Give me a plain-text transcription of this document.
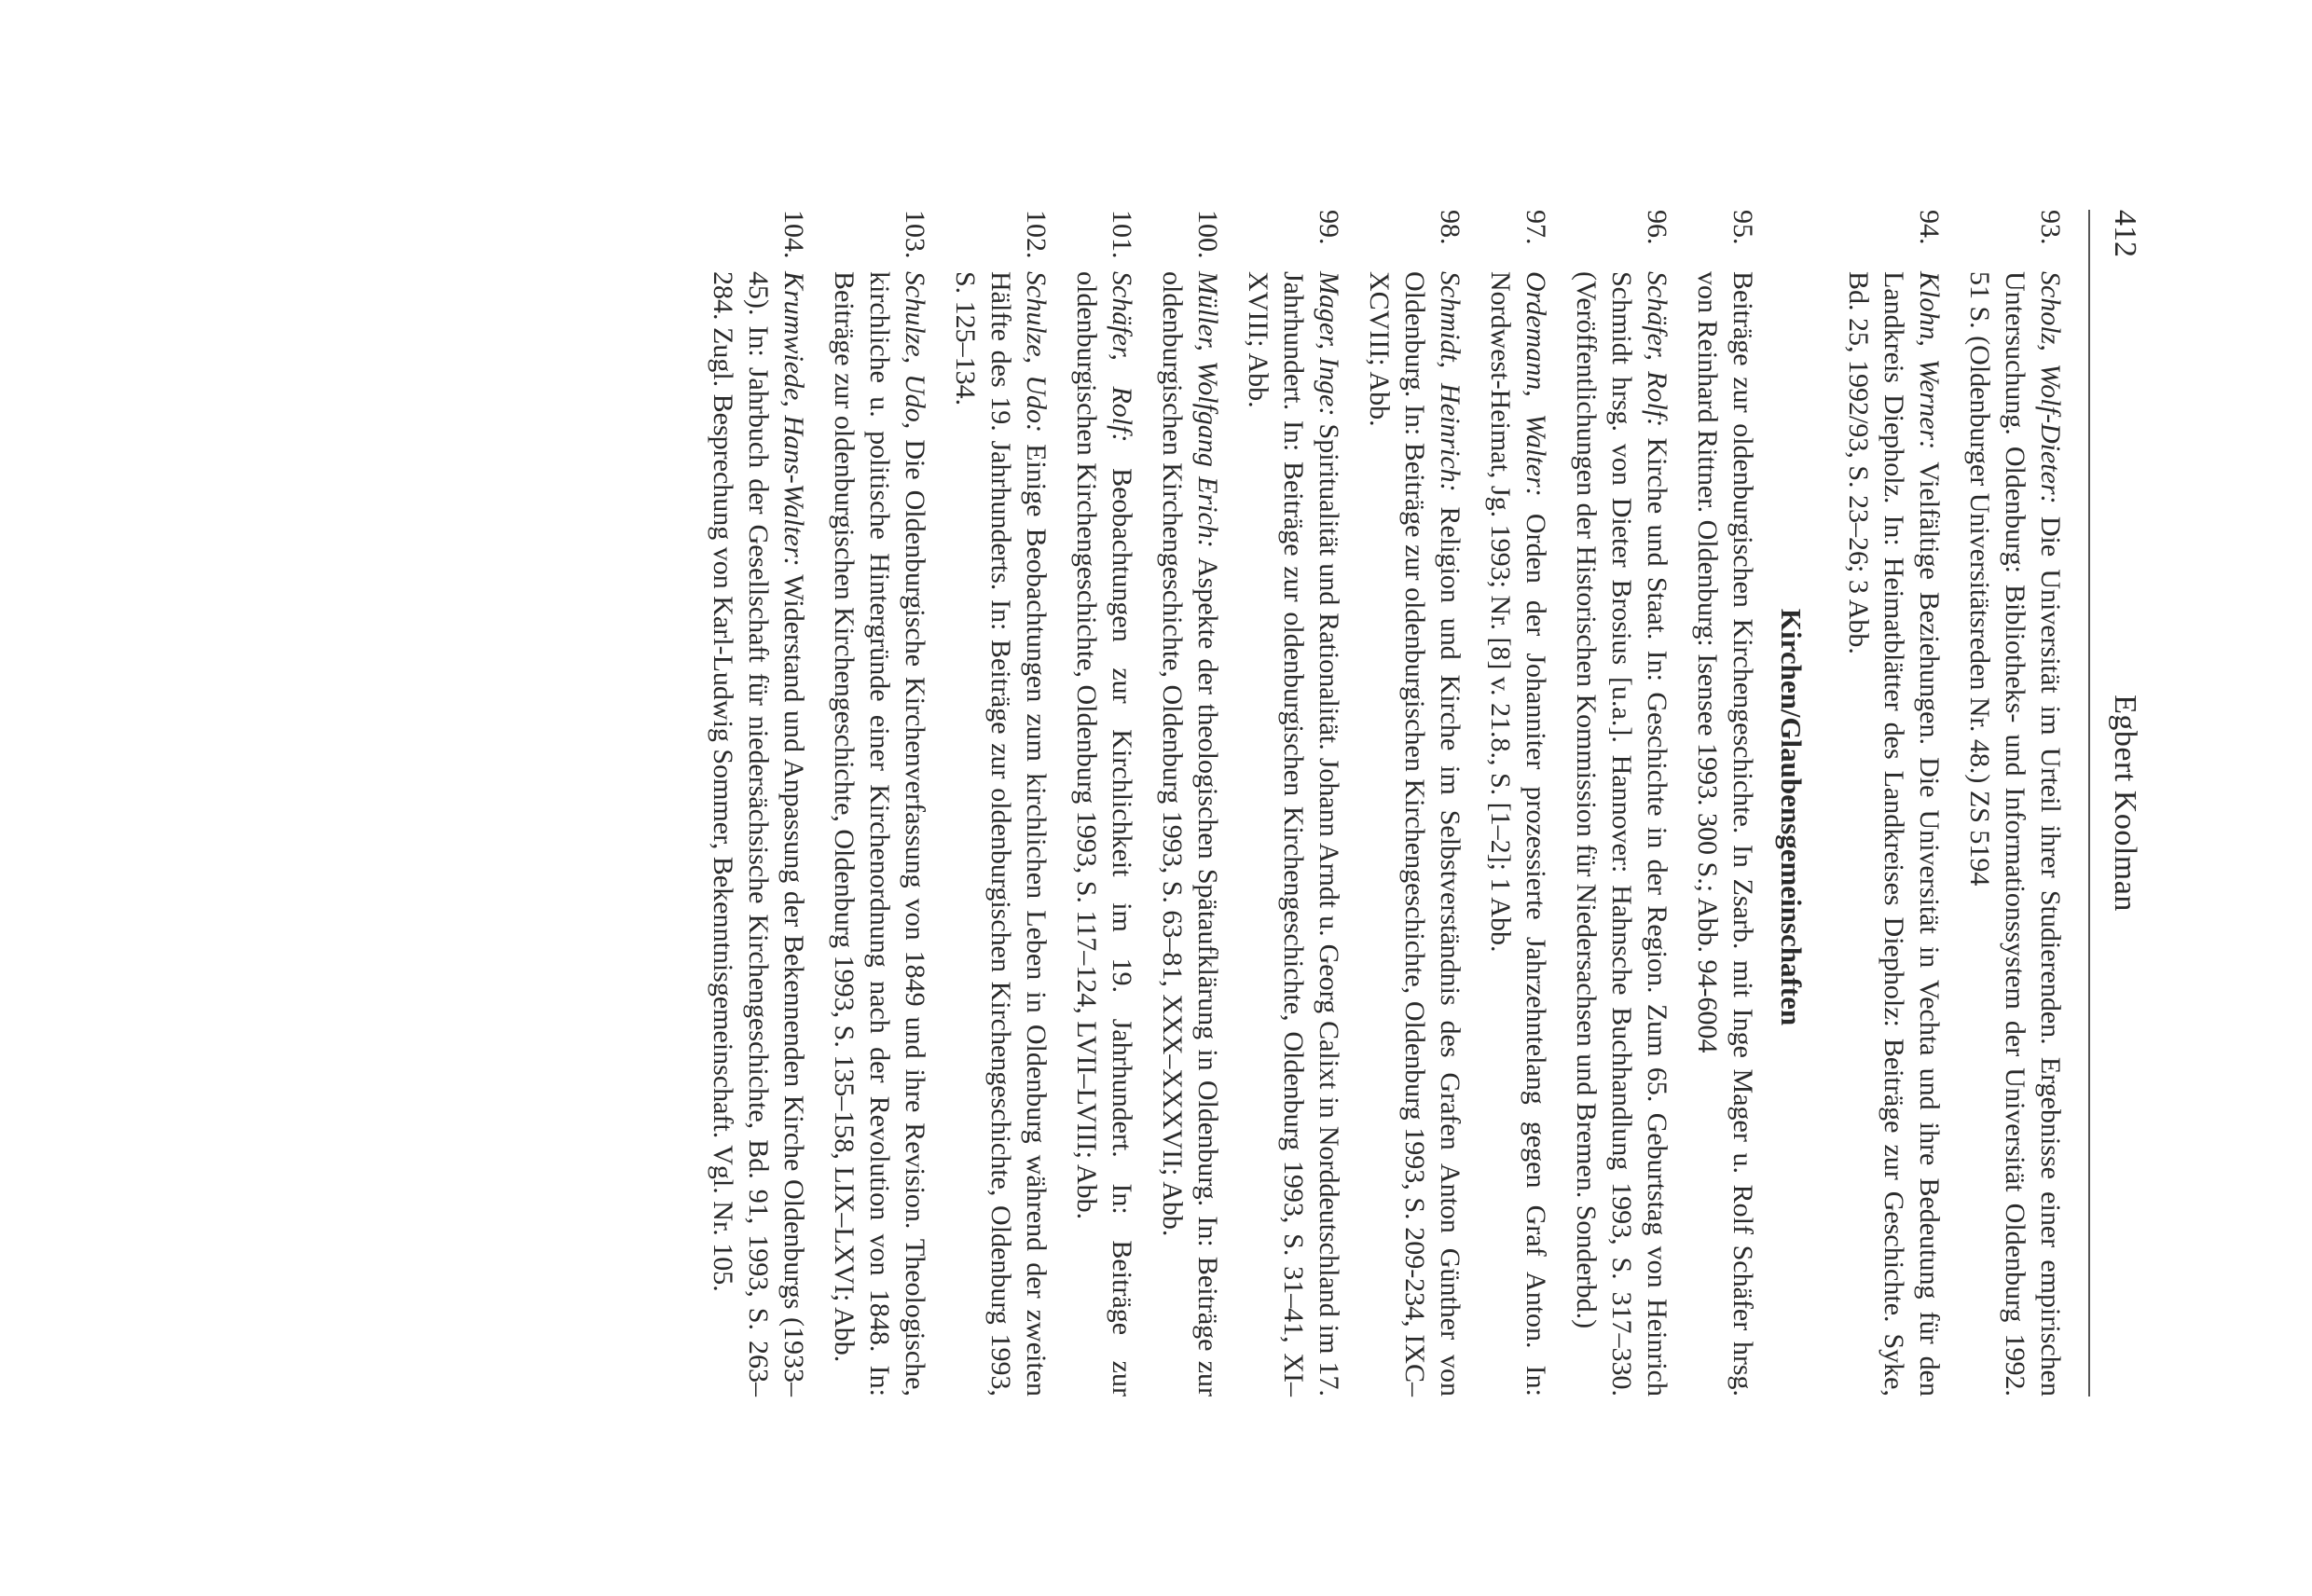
412
Egbert Koolman
93.
Scholz, Wolf-Dieter: Die Universität im Urteil ihrer Studierenden. Ergebnisse einer empirischen Untersuchung. Oldenburg: Bibliotheks- und Informationssystem der Universität Oldenburg 1992. 51 S. (Oldenburger Universitätsreden Nr. 48.) ZS 5194
94.
Klohn, Werner: Vielfältige Beziehungen. Die Universität in Vechta und ihre Bedeutung für den Landkreis Diepholz. In: Heimatblätter des Landkreises Diepholz: Beiträge zur Geschichte. Syke, Bd. 25, 1992/93, S. 23–26; 3 Abb.
Kirchen/Glaubensgemeinschaften
95.
Beiträge zur oldenburgischen Kirchengeschichte. In Zsarb. mit Inge Mager u. Rolf Schäfer hrsg. von Reinhard Rittner. Oldenburg: Isensee 1993. 300 S.; Abb. 94-6004
96.
Schäfer, Rolf: Kirche und Staat. In: Geschichte in der Region. Zum 65. Geburtstag von Heinrich Schmidt hrsg. von Dieter Brosius [u.a.]. Hannover: Hahnsche Buchhandlung 1993, S. 317–330. (Veröffentlichungen der Historischen Kommission für Niedersachsen und Bremen. Sonderbd.)
97.
Ordemann, Walter: Orden der Johanniter prozessierte Jahrzehntelang gegen Graf Anton. In: Nordwest-Heimat, Jg. 1993; Nr. [8] v. 21.8., S. [1–2]; 1 Abb.
98.
Schmidt, Heinrich: Religion und Kirche im Selbstverständnis des Grafen Anton Günther von Oldenburg. In: Beiträge zur oldenburgischen Kirchengeschichte, Oldenburg 1993, S. 209-234, IXC–XCVIII; Abb.
99.
Mager, Inge: Spiritualität und Rationalität. Johann Arndt u. Georg Calixt in Norddeutschland im 17. Jahrhundert. In: Beiträge zur oldenburgischen Kirchengeschichte, Oldenburg 1993, S. 31–41, XI–XVIII; Abb.
100.
Müller, Wolfgang Erich: Aspekte der theologischen Spätaufklärung in Oldenburg. In: Beiträge zur oldenburgischen Kirchengeschichte, Oldenburg 1993, S. 63–81, XXX–XXXVII; Abb.
101.
Schäfer, Rolf: Beobachtungen zur Kirchlichkeit im 19. Jahrhundert. In: Beiträge zur oldenburgischen Kirchengeschichte, Oldenburg 1993, S. 117–124, LVII–LVIII; Abb.
102.
Schulze, Udo: Einige Beobachtungen zum kirchlichen Leben in Oldenburg während der zweiten Hälfte des 19. Jahrhunderts. In: Beiträge zur oldenburgischen Kirchengeschichte, Oldenburg 1993, S. 125–134.
103.
Schulze, Udo, Die Oldenburgische Kirchenverfassung von 1849 und ihre Revision. Theologische, kirchliche u. politische Hintergründe einer Kirchenordnung nach der Revolution von 1848. In: Beiträge zur oldenburgischen Kirchengeschichte, Oldenburg 1993, S. 135–158, LIX–LXVI; Abb.
104.
Krumwiede, Hans-Walter: Widerstand und Anpassung der Bekennenden Kirche Oldenburgs (1933–45). In: Jahrbuch der Gesellschaft für niedersächsische Kirchengeschichte, Bd. 91, 1993, S. 263–284. Zugl. Besprechung von Karl-Ludwig Sommer, Bekenntnisgemeinschaft. Vgl. Nr. 105.
